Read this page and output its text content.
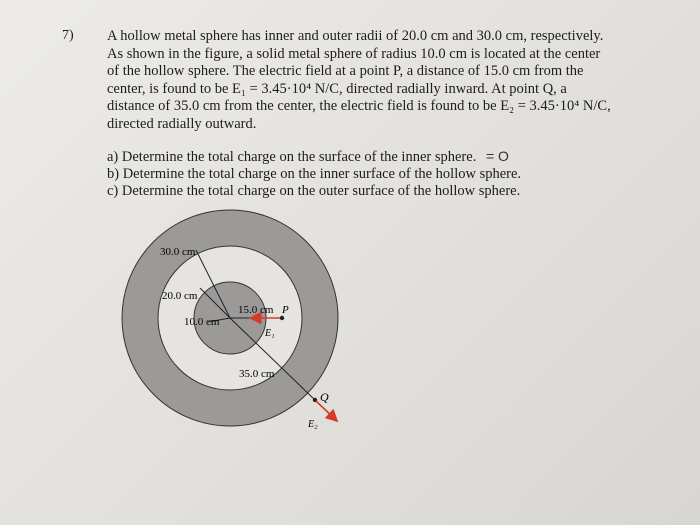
7) A hollow metal sphere has inner and outer radii of 20.0 cm and 30.0 cm, respectively.
As shown in the figure, a solid metal sphere of radius 10.0 cm is located at the center
of the hollow sphere. The electric field at a point P, a distance of 15.0 cm from the
center, is found to be E₁ = 3.45·10⁴ N/C, directed radially inward. At point Q, a
distance of 35.0 cm from the center, the electric field is found to be E₂ = 3.45·10⁴ N/C,
directed radially outward.
a) Determine the total charge on the surface of the inner sphere. = O
b) Determine the total charge on the inner surface of the hollow sphere.
c) Determine the total charge on the outer surface of the hollow sphere.
30.0 cm
20.0 cm
10.0 cm
15.0 cm
35.0 cm
P
E₁
Q
E₂
